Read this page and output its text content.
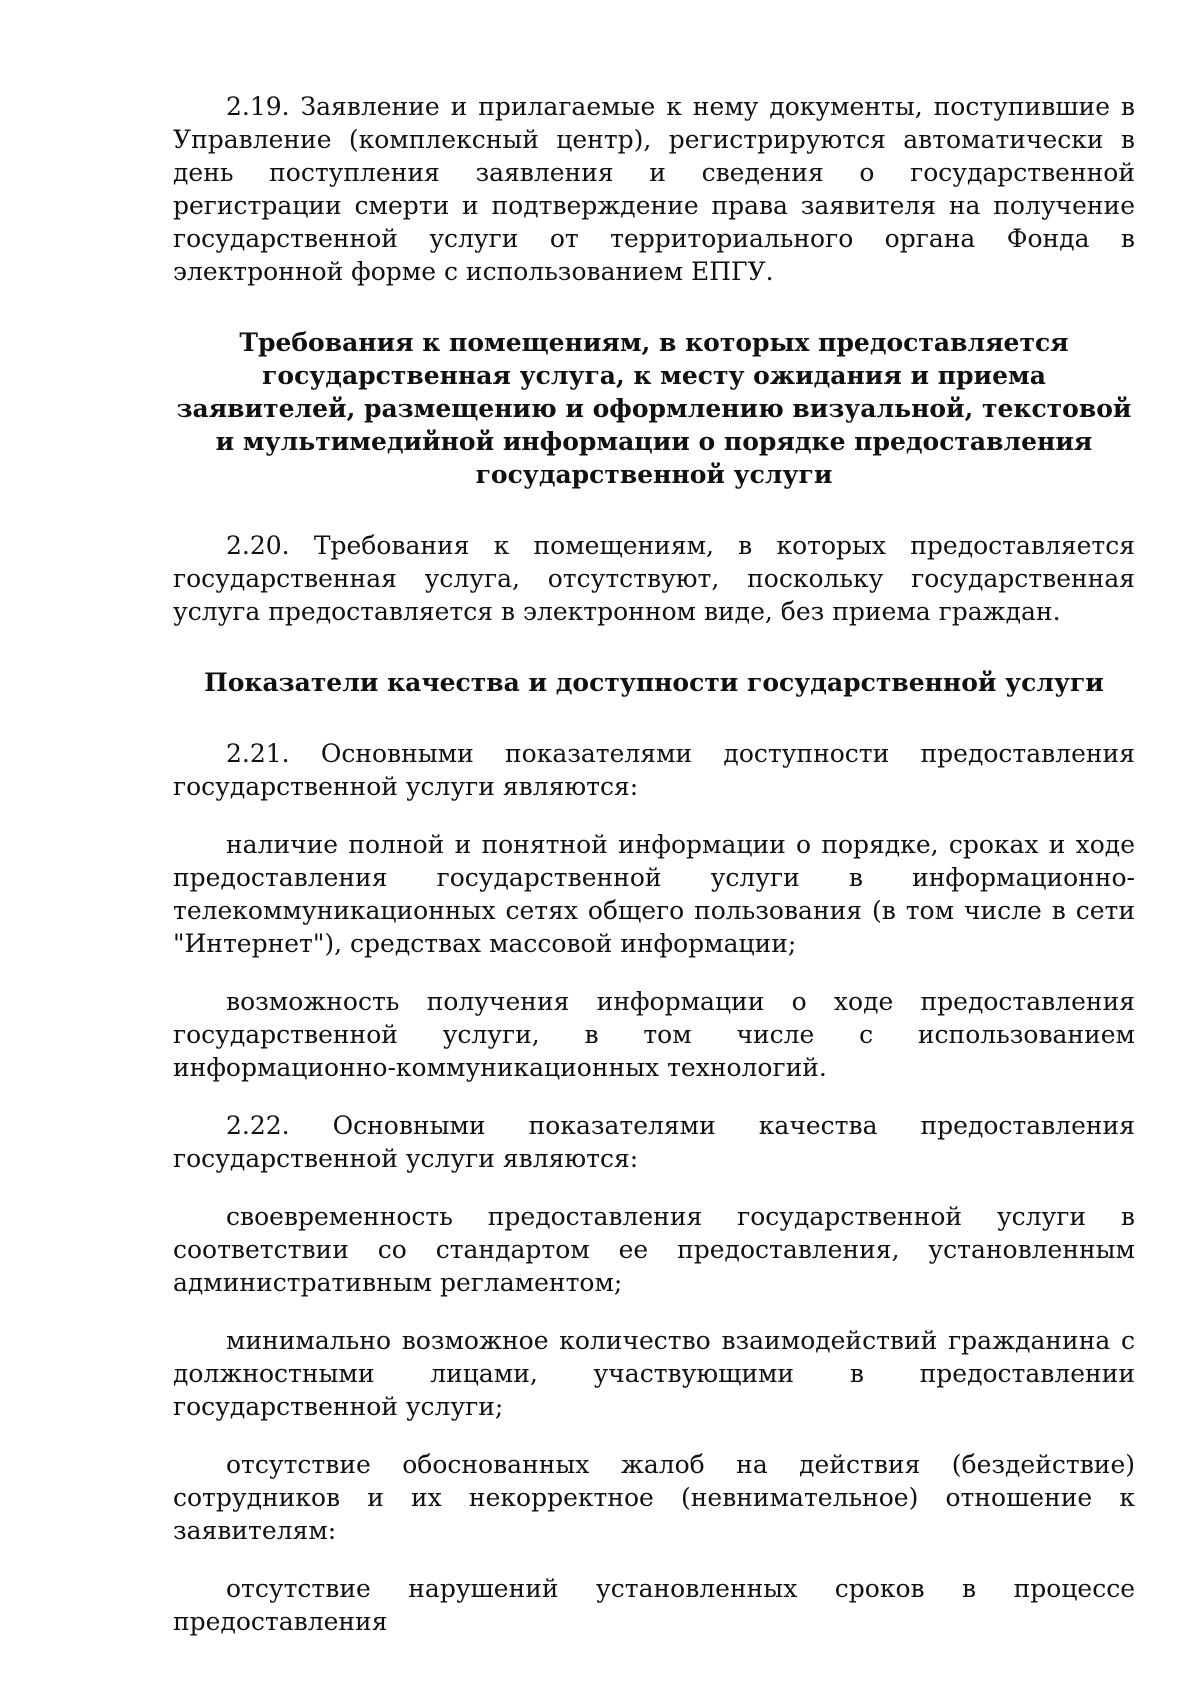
2.19. Заявление и прилагаемые к нему документы, поступившие в Управление (комплексный центр), регистрируются автоматически в день поступления заявления и сведения о государственной регистрации смерти и подтверждение права заявителя на получение государственной услуги от территориального органа Фонда в электронной форме с использованием ЕПГУ.

Требования к помещениям, в которых предоставляется
государственная услуга, к месту ожидания и приема
заявителей, размещению и оформлению визуальной, текстовой
и мультимедийной информации о порядке предоставления
государственной услуги

2.20. Требования к помещениям, в которых предоставляется государственная услуга, отсутствуют, поскольку государственная услуга предоставляется в электронном виде, без приема граждан.

Показатели качества и доступности государственной услуги

2.21. Основными показателями доступности предоставления государственной услуги являются:

наличие полной и понятной информации о порядке, сроках и ходе предоставления государственной услуги в информационно-телекоммуникационных сетях общего пользования (в том числе в сети "Интернет"), средствах массовой информации;

возможность получения информации о ходе предоставления государственной услуги, в том числе с использованием информационно-коммуникационных технологий.

2.22. Основными показателями качества предоставления государственной услуги являются:

своевременность предоставления государственной услуги в соответствии со стандартом ее предоставления, установленным административным регламентом;

минимально возможное количество взаимодействий гражданина с должностными лицами, участвующими в предоставлении государственной услуги;

отсутствие обоснованных жалоб на действия (бездействие) сотрудников и их некорректное (невнимательное) отношение к заявителям:

отсутствие нарушений установленных сроков в процессе предоставления
